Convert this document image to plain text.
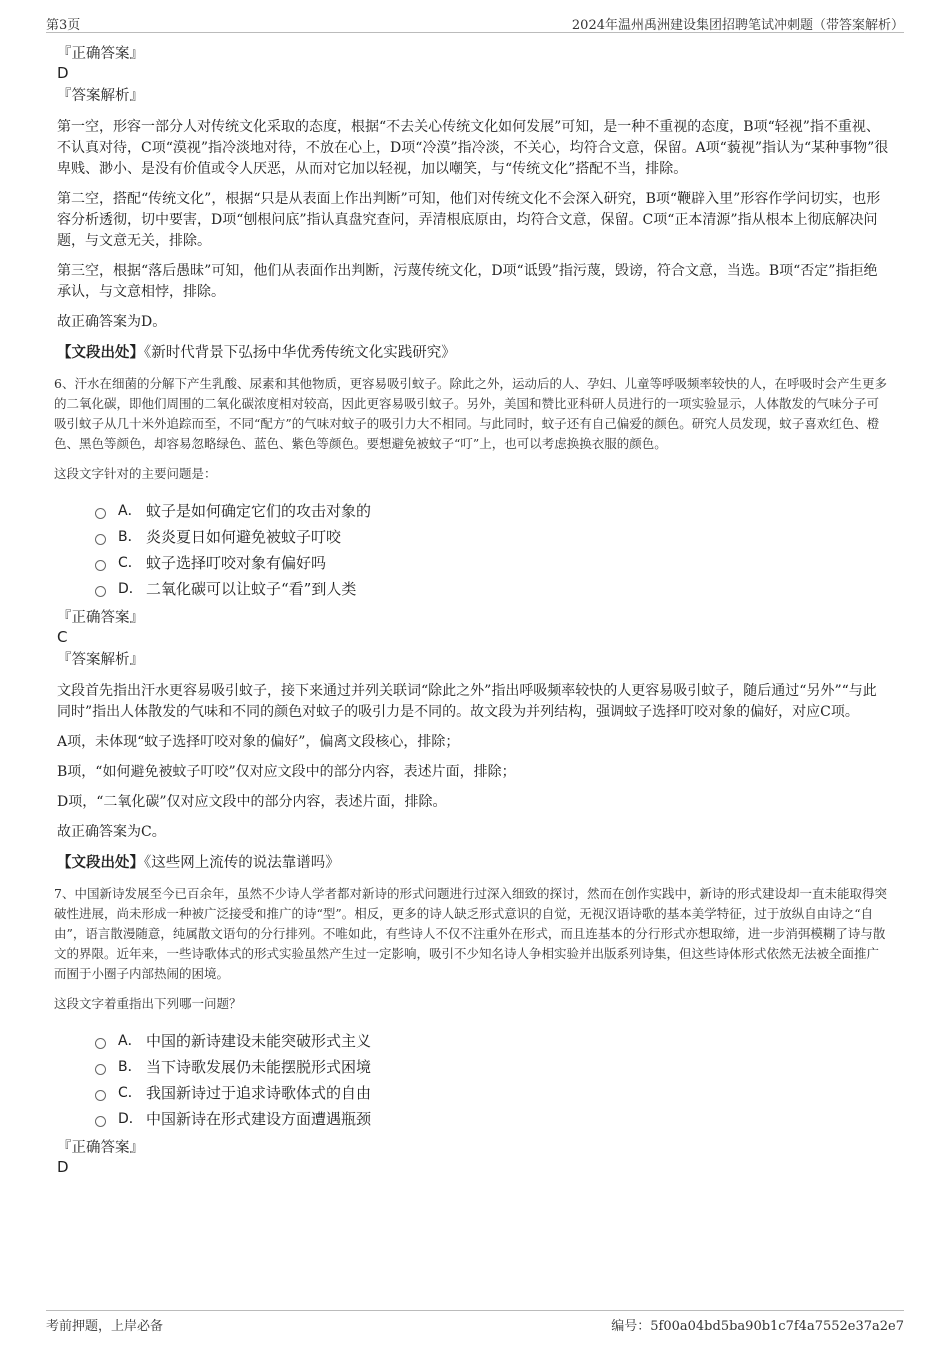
第3页	2024年温州禹洲建设集团招聘笔试冲刺题（带答案解析）
『正确答案』
D
『答案解析』

第一空，形容一部分人对传统文化采取的态度，根据“不去关心传统文化如何发展”可知，是一种不重视的态度，B项“轻视”指不重视、不认真对待，C项“漠视”指冷淡地对待，不放在心上，D项“冷漠”指冷淡，不关心，均符合文意，保留。A项“藐视”指认为“某种事物”很卑贱、渺小、是没有价值或令人厌恶，从而对它加以轻视，加以嘲笑，与“传统文化”搭配不当，排除。

第二空，搭配“传统文化”，根据“只是从表面上作出判断”可知，他们对传统文化不会深入研究，B项“鞭辟入里”形容作学问切实，也形容分析透彻，切中要害，D项“刨根问底”指认真盘究查问，弄清根底原由，均符合文意，保留。C项“正本清源”指从根本上彻底解决问题，与文意无关，排除。

第三空，根据“落后愚昧”可知，他们从表面作出判断，污蔑传统文化，D项“诋毁”指污蔑，毁谤，符合文意，当选。B项“否定”指拒绝承认，与文意相悖，排除。

故正确答案为D。

【文段出处】《新时代背景下弘扬中华优秀传统文化实践研究》

6、汗水在细菌的分解下产生乳酸、尿素和其他物质，更容易吸引蚊子。除此之外，运动后的人、孕妇、儿童等呼吸频率较快的人，在呼吸时会产生更多的二氧化碳，即他们周围的二氧化碳浓度相对较高，因此更容易吸引蚊子。另外，美国和赞比亚科研人员进行的一项实验显示，人体散发的气味分子可吸引蚊子从几十米外追踪而至，不同“配方”的气味对蚊子的吸引力大不相同。与此同时，蚊子还有自己偏爱的颜色。研究人员发现，蚊子喜欢红色、橙色、黑色等颜色，却容易忽略绿色、蓝色、紫色等颜色。要想避免被蚊子“叮”上，也可以考虑换换衣服的颜色。

这段文字针对的主要问题是：

A． 蚊子是如何确定它们的攻击对象的
B． 炎炎夏日如何避免被蚊子叮咬
C． 蚊子选择叮咬对象有偏好吗
D． 二氧化碳可以让蚊子“看”到人类
『正确答案』
C
『答案解析』

文段首先指出汗水更容易吸引蚊子，接下来通过并列关联词“除此之外”指出呼吸频率较快的人更容易吸引蚊子，随后通过“另外”“与此同时”指出人体散发的气味和不同的颜色对蚊子的吸引力是不同的。故文段为并列结构，强调蚊子选择叮咬对象的偏好，对应C项。

A项，未体现“蚊子选择叮咬对象的偏好”，偏离文段核心，排除；

B项，“如何避免被蚊子叮咬”仅对应文段中的部分内容，表述片面，排除；

D项，“二氧化碳”仅对应文段中的部分内容，表述片面，排除。

故正确答案为C。

【文段出处】《这些网上流传的说法靠谱吗》

7、中国新诗发展至今已百余年，虽然不少诗人学者都对新诗的形式问题进行过深入细致的探讨，然而在创作实践中，新诗的形式建设却一直未能取得突破性进展，尚未形成一种被广泛接受和推广的诗“型”。相反，更多的诗人缺乏形式意识的自觉，无视汉语诗歌的基本美学特征，过于放纵自由诗之“自由”，语言散漫随意，纯属散文语句的分行排列。不唯如此，有些诗人不仅不注重外在形式，而且连基本的分行形式亦想取缔，进一步消弭模糊了诗与散文的界限。近年来，一些诗歌体式的形式实验虽然产生过一定影响，吸引不少知名诗人争相实验并出版系列诗集，但这些诗体形式依然无法被全面推广而囿于小圈子内部热闹的困境。

这段文字着重指出下列哪一问题？

A． 中国的新诗建设未能突破形式主义
B． 当下诗歌发展仍未能摆脱形式困境
C． 我国新诗过于追求诗歌体式的自由
D． 中国新诗在形式建设方面遭遇瓶颈
『正确答案』
D
考前押题，上岸必备	编号：5f00a04bd5ba90b1c7f4a7552e37a2e7
